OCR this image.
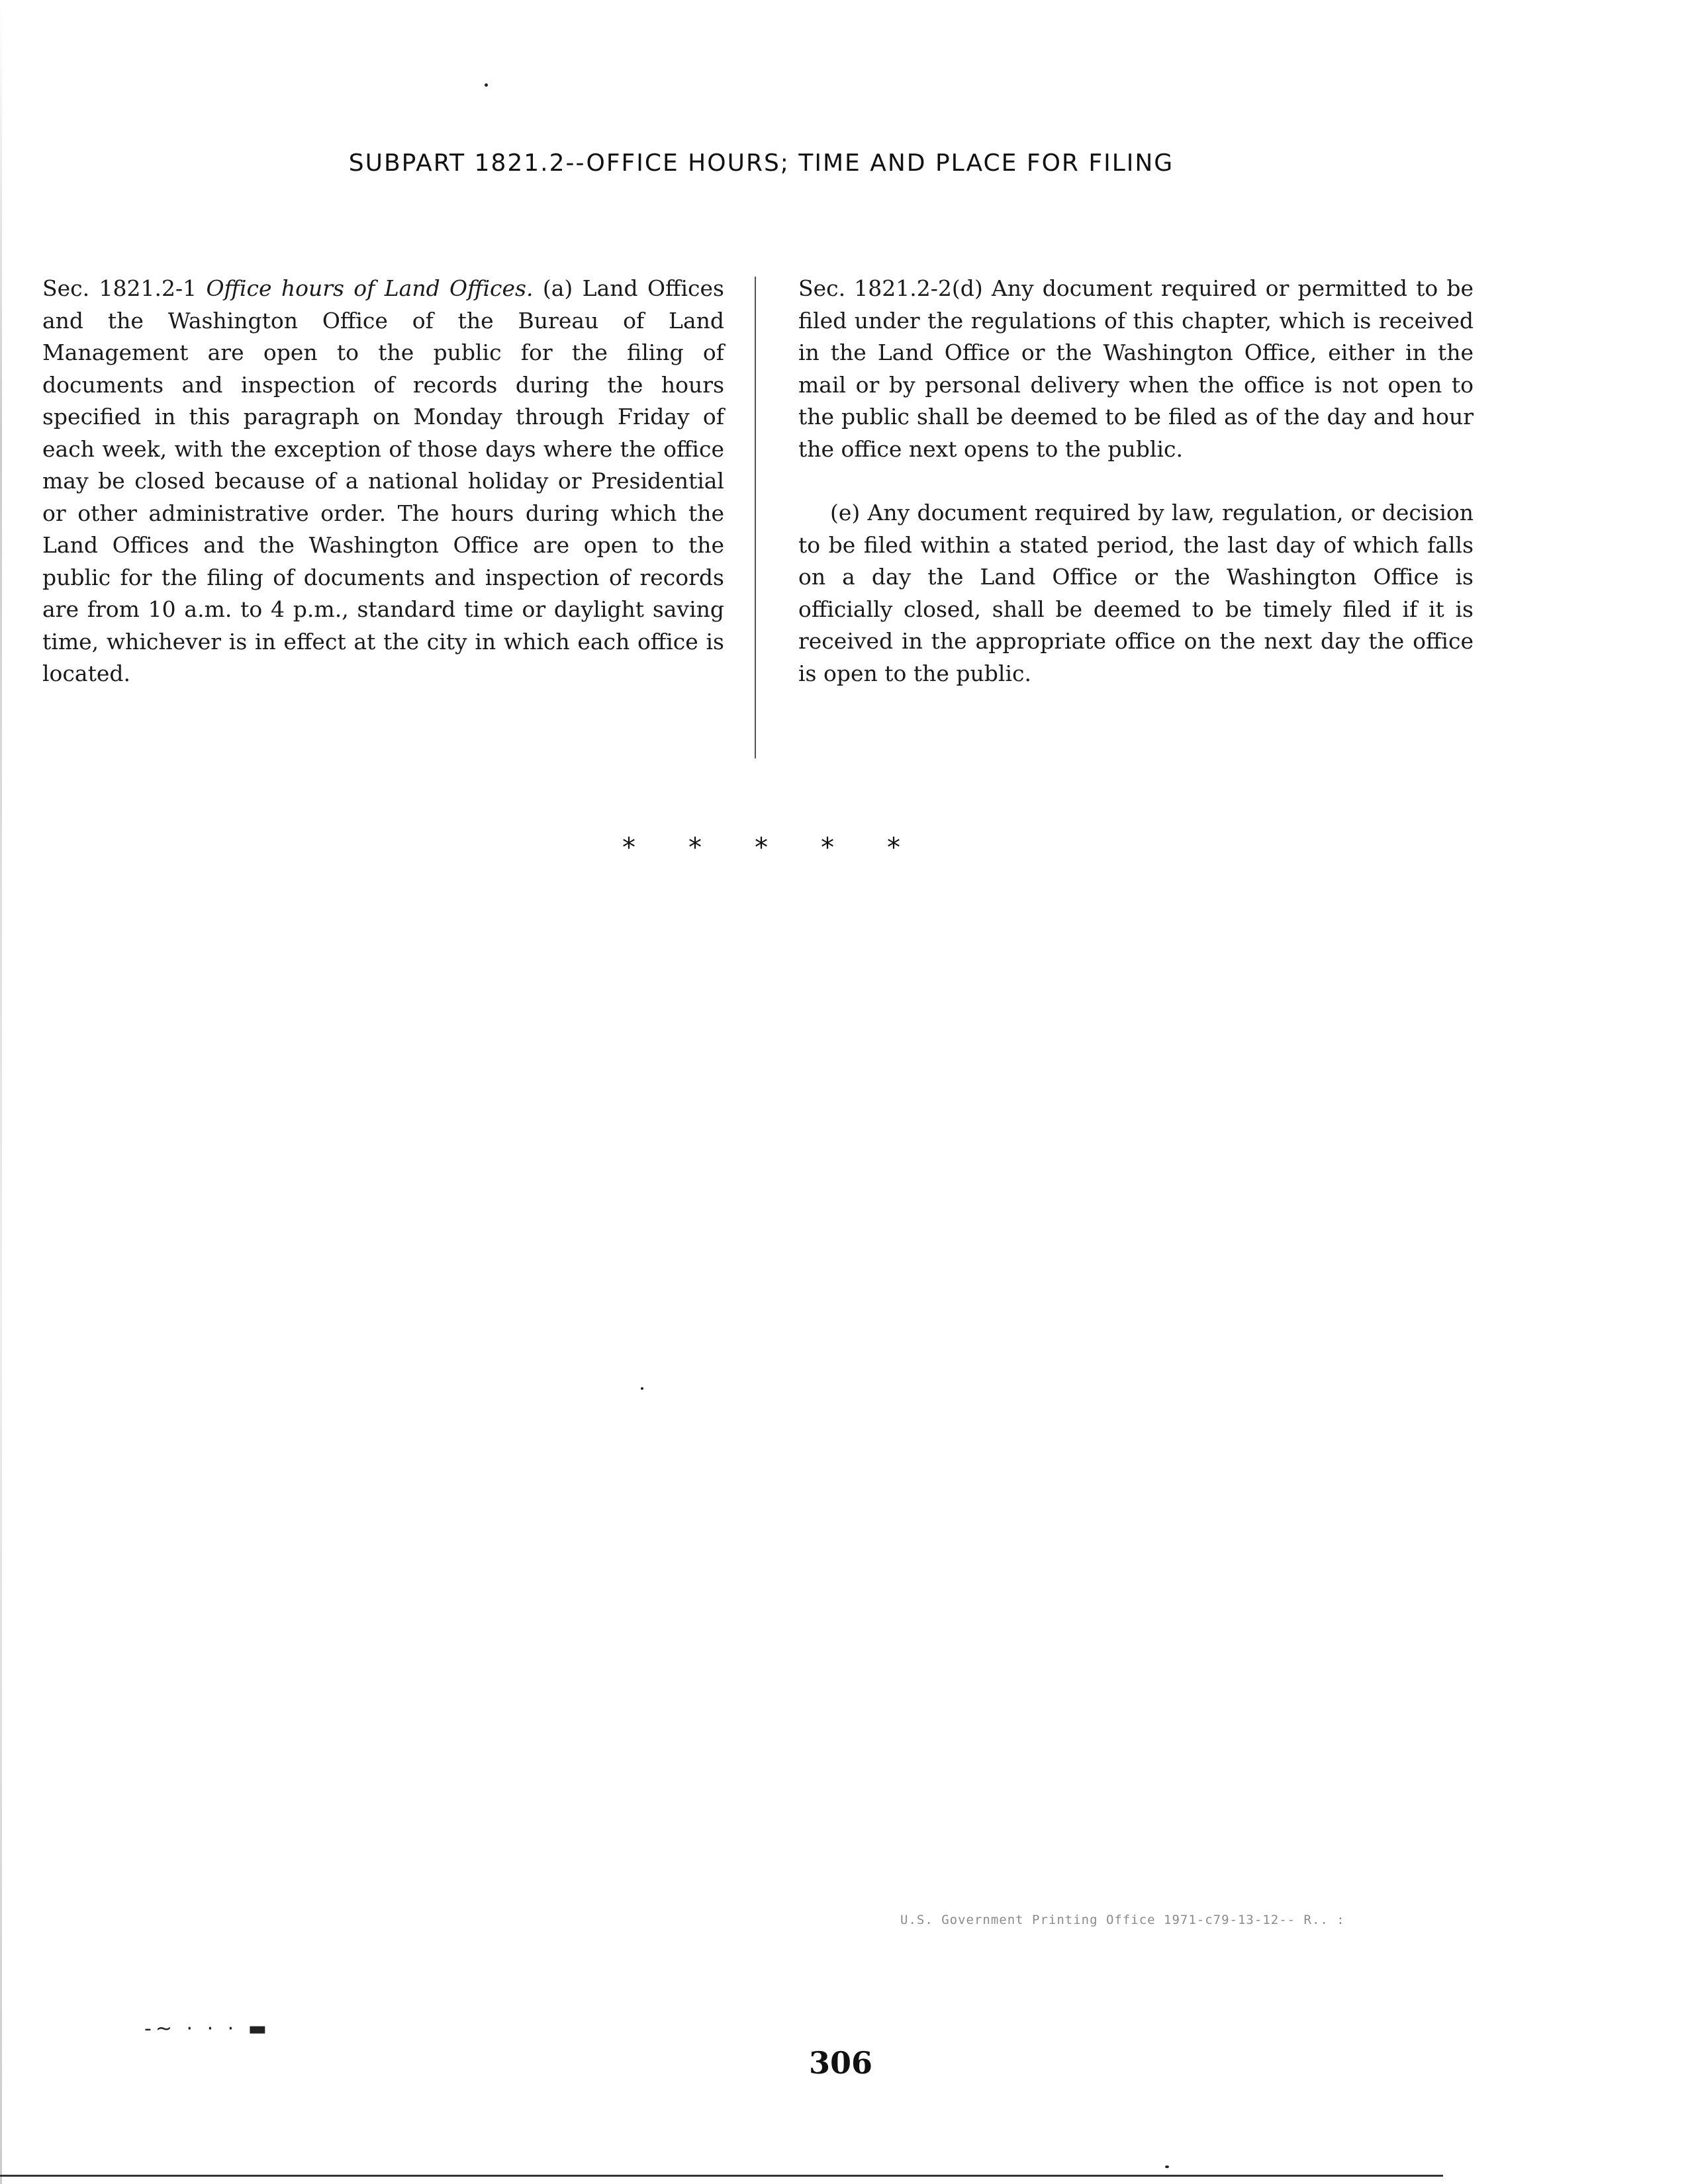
SUBPART 1821.2--OFFICE HOURS; TIME AND PLACE FOR FILING

Sec. 1821.2-1 Office hours of Land Offices. (a) Land Offices and the Washington Office of the Bureau of Land Management are open to the public for the filing of documents and inspection of records during the hours specified in this paragraph on Monday through Friday of each week, with the exception of those days where the office may be closed because of a national holiday or Presidential or other administrative order. The hours during which the Land Offices and the Washington Office are open to the public for the filing of documents and inspection of records are from 10 a.m. to 4 p.m., standard time or daylight saving time, whichever is in effect at the city in which each office is located.

Sec. 1821.2-2(d) Any document required or permitted to be filed under the regulations of this chapter, which is received in the Land Office or the Washington Office, either in the mail or by personal delivery when the office is not open to the public shall be deemed to be filed as of the day and hour the office next opens to the public.

(e) Any document required by law, regulation, or decision to be filed within a stated period, the last day of which falls on a day the Land Office or the Washington Office is officially closed, shall be deemed to be timely filed if it is received in the appropriate office on the next day the office is open to the public.

* * * * *
U.S. Government Printing Office 1971-c79-13-12-- R.. :
-~ · · · ▬
306
